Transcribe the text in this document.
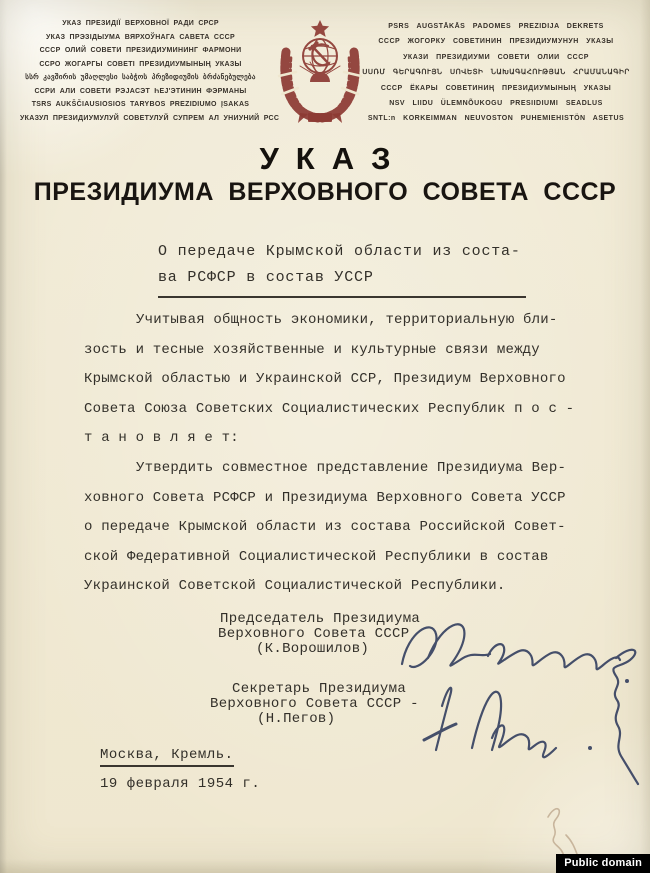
УКАЗ ПРЕЗИДІЇ ВЕРХОВНОЇ РАДИ СРСР
УКАЗ ПРЭЗІДЫУМА ВЯРХОЎНАГА САВЕТА СССР
СССР ОЛИЙ СОВЕТИ ПРЕЗИДИУМИНИНГ ФАРМОНИ
ССРО ЖОГАРГЫ СОВЕТІ ПРЕЗИДИУМЫНЫҢ УКАЗЫ
სსრ კავშირის უმაღლესი საბჭოს პრეზიდიუმის ბრძანებულება
ССРИ АЛИ СОВЕТИ РЭЈАСЭТ ҺЕЈ'ЭТИНИН ФЭРМАНЫ
TSRS AUKŠČIAUSIOSIOS TARYBOS PREZIDIUMO ĮSAKAS
УКАЗУЛ ПРЕЗИДИУМУЛУЙ СОВЕТУЛУЙ СУПРЕМ АЛ УНИУНИЙ РСС
PSRS AUGSTĀKĀS PADOMES PREZIDIJA DEKRETS
СССР ЖОГОРКУ СОВЕТИНИН ПРЕЗИДИУМУНУН УКАЗЫ
УКАЗИ ПРЕЗИДИУМИ СОВЕТИ ОЛИИ СССР
ՍՍՌՄ ԳԵՐԱԳՈՒՅՆ ՍՈՎԵՏԻ ՆԱԽԱԳԱՀՈՒԹՅԱՆ ՀՐԱՄԱՆԱԳԻՐ
СССР ЁКАРЫ СОВЕТИНИҢ ПРЕЗИДИУМЫНЫҢ УКАЗЫ
NSV LIIDU ÜLEMNÕUKOGU PRESIIDIUMI SEADLUS
SNTL:n KORKEIMMAN NEUVOSTON PUHEMIEHISTÖN ASETUS
УКАЗ
ПРЕЗИДИУМА ВЕРХОВНОГО СОВЕТА СССР
О передаче Крымской области из соста-
ва РСФСР в состав УССР
Учитывая общность экономики, территориальную бли-
зость и тесные хозяйственные и культурные связи между
Крымской областью и Украинской ССР, Президиум Верховного
Совета Союза Советских Социалистических Республик п о с -
т а н о в л я е т:
Утвердить совместное представление Президиума Вер-
ховного Совета РСФСР и Президиума Верховного Совета УССР
о передаче Крымской области из состава Российской Совет-
ской Федеративной Социалистической Республики в состав
Украинской Советской Социалистической Республики.
Председатель Президиума
Верховного Совета СССР
(К.Ворошилов)
Секретарь Президиума
Верховного Совета СССР -
(Н.Пегов)
Москва, Кремль.
19 февраля 1954 г.
Public domain
